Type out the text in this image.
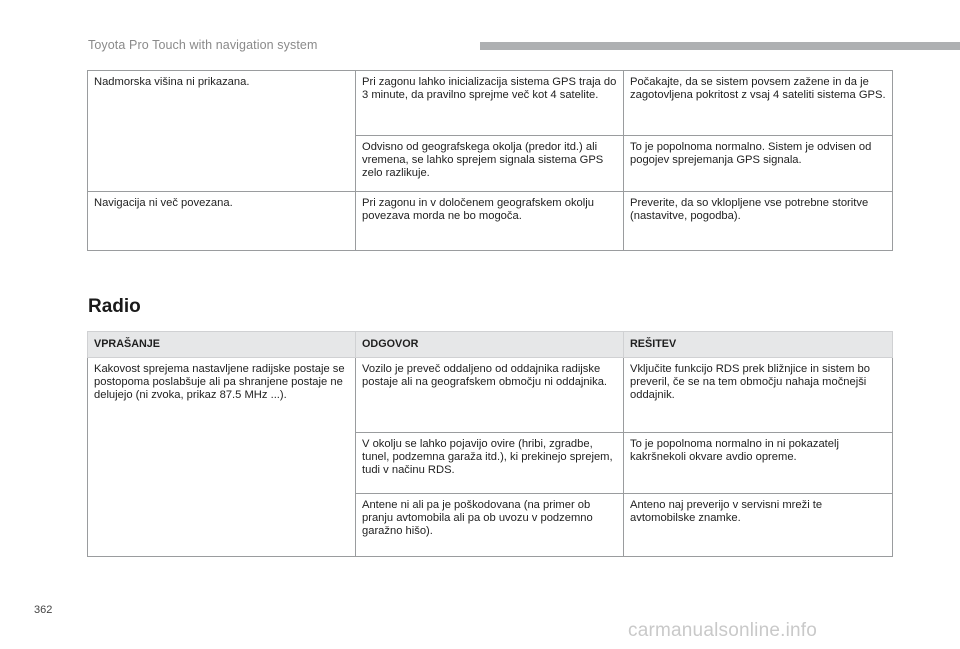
Toyota Pro Touch with navigation system
Nadmorska višina ni prikazana.	Pri zagonu lahko inicializacija sistema GPS traja do 3 minute, da pravilno sprejme več kot 4 satelite.	Počakajte, da se sistem povsem zažene in da je zagotovljena pokritost z vsaj 4 sateliti sistema GPS.
	Odvisno od geografskega okolja (predor itd.) ali vremena, se lahko sprejem signala sistema GPS zelo razlikuje.	To je popolnoma normalno. Sistem je odvisen od pogojev sprejemanja GPS signala.
Navigacija ni več povezana.	Pri zagonu in v določenem geografskem okolju povezava morda ne bo mogoča.	Preverite, da so vklopljene vse potrebne storitve (nastavitve, pogodba).
Radio
VPRAŠANJE	ODGOVOR	REŠITEV
Kakovost sprejema nastavljene radijske postaje se postopoma poslabšuje ali pa shranjene postaje ne delujejo (ni zvoka, prikaz 87.5 MHz ...).	Vozilo je preveč oddaljeno od oddajnika radijske postaje ali na geografskem območju ni oddajnika.	Vključite funkcijo RDS prek bližnjice in sistem bo preveril, če se na tem območju nahaja močnejši oddajnik.
	V okolju se lahko pojavijo ovire (hribi, zgradbe, tunel, podzemna garaža itd.), ki prekinejo sprejem, tudi v načinu RDS.	To je popolnoma normalno in ni pokazatelj kakršnekoli okvare avdio opreme.
	Antene ni ali pa je poškodovana (na primer ob pranju avtomobila ali pa ob uvozu v podzemno garažno hišo).	Anteno naj preverijo v servisni mreži te avtomobilske znamke.
362
carmanualsonline.info
